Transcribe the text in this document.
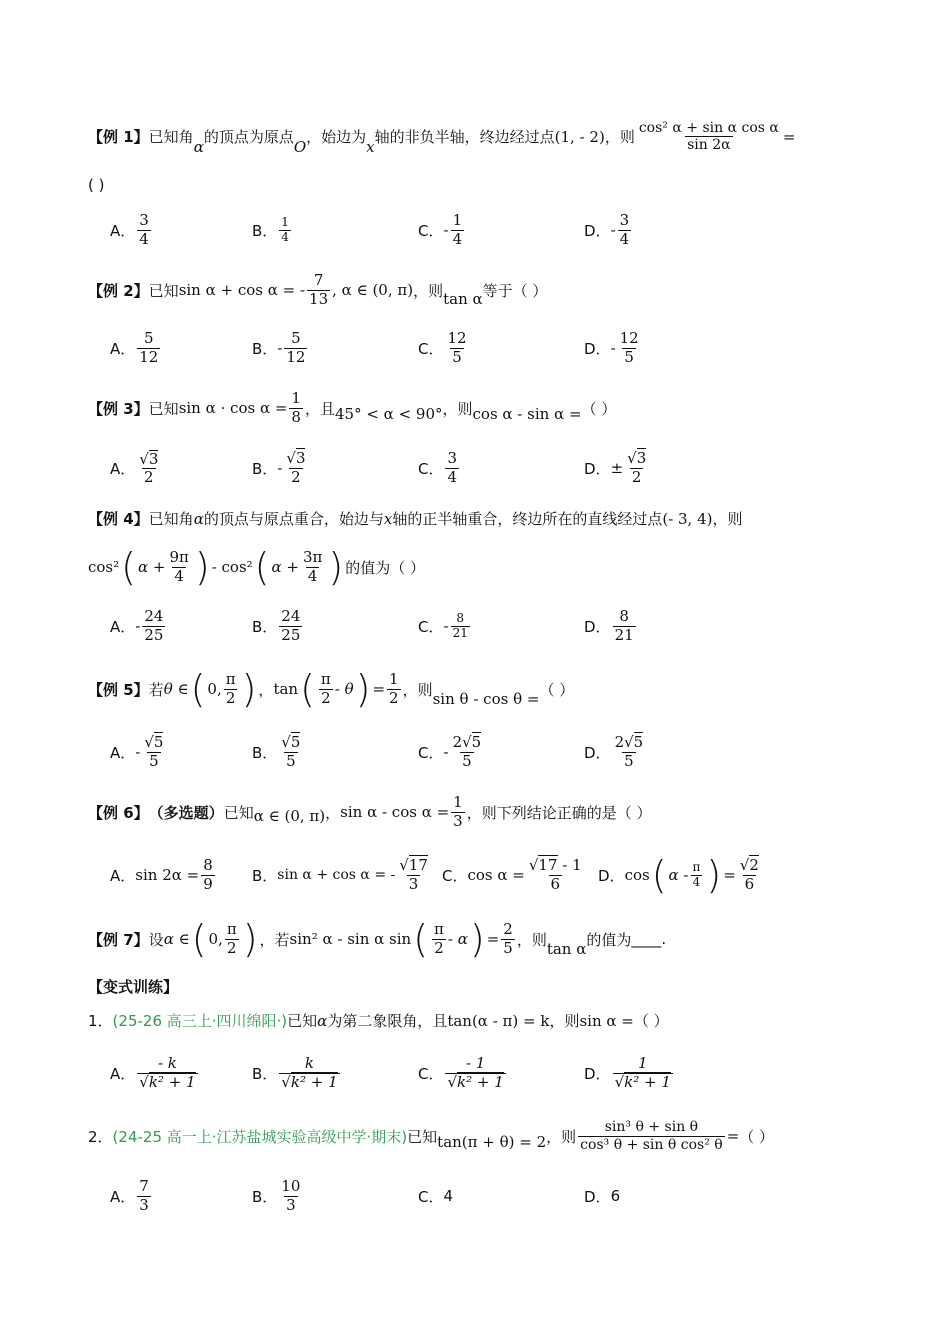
【例 1】 已知角
α
的顶点为原点
O
，始边为
x
轴的非负半轴，终边经过点 (1, - 2) ，则 $\frac{\text{cos² α + sin α cos α}}{\sin 2\alpha}$ =
( )
A． $\frac{3}{4}$	B． $\frac{1}{4}$	C． - $\frac{1}{4}$	D． - $\frac{3}{4}$
【例 2】 已知 sin α + cos α = - $\frac{7}{13}$ , α ∈ (0, π) ，则 tan α 等于（ ）
A． $\frac{5}{12}$	B． - $\frac{5}{12}$	C． $\frac{12}{5}$	D． - $\frac{12}{5}$
【例 3】 已知 $\sin \alpha \cdot \cos \alpha = \frac{1}{8}$ ，且 45° < α < 90° ，则 cos α - sin α = （ ）
A． $\frac{√3}{2}$	B． - $\frac{√3}{2}$	C． $\frac{3}{4}$	D． ± $\frac{√3}{2}$
【例 4】 已知角 α 的顶点与原点重合，始边与 x 轴的正半轴重合，终边所在的直线经过点 (- 3, 4) ，则
cos² ( $\alpha + \frac{9\pi}{4}$ ) - cos² ( $\alpha + \frac{3\pi}{4}$ ) 的值为（ ）
A． - $\frac{24}{25}$	B． $\frac{24}{25}$	C． - $\frac{8}{21}$	D． $\frac{8}{21}$
【例 5】 若 θ ∈ ( 0, $\frac{\pi}{2}$ ) ， tan ( $\frac{\pi}{2}$ - θ ) = $\frac{1}{2}$ ，则
sin θ - cos θ =
（ ）
A． - $\frac{√5}{5}$	B． $\frac{√5}{5}$	C． - $\frac{2√5}{5}$	D． $\frac{2√5}{5}$
【例 6】 （多选题） 已知 α ∈ (0, π) ， $\sin \alpha - \cos \alpha = \frac{1}{3}$ ，则下列结论正确的是（ ）
A． $\sin 2\alpha = \frac{8}{9}$ B． sin α + cos α = - $\frac{√17}{3}$ C． $\cos \alpha = \frac{√17 - 1}{6}$ D． cos ( α - $\frac{\pi}{4}$ ) = $\frac{√2}{6}$
【例 7】 设 α ∈ ( 0, $\frac{\pi}{2}$ ) ，若 sin² α - sin α sin ( $\frac{\pi}{2}$ - α ) = $\frac{2}{5}$ ，则
tan α
的值为 ____.
【变式训练】
1． (25-26 高三上·四川绵阳·) 已知 α 为第二象限角，且 tan(α - π) = k ，则 sin α = （ ）
A． $\frac{- k}{\text{√k² + 1}}$	B． $\frac{k}{\text{√k² + 1}}$	C． $\frac{- 1}{\text{√k² + 1}}$	D． $\frac{1}{\text{√k² + 1}}$
2． (24-25 高一上·江苏盐城实验高级中学·期末) 已知 tan(π + θ) = 2 ，则 $\frac{\text{sin³ θ + sin θ}}{\text{cos³ θ + sin θ cos² θ}}$ = （ ）
A． $\frac{7}{3}$	B． $\frac{10}{3}$	C． 4	D． 6
